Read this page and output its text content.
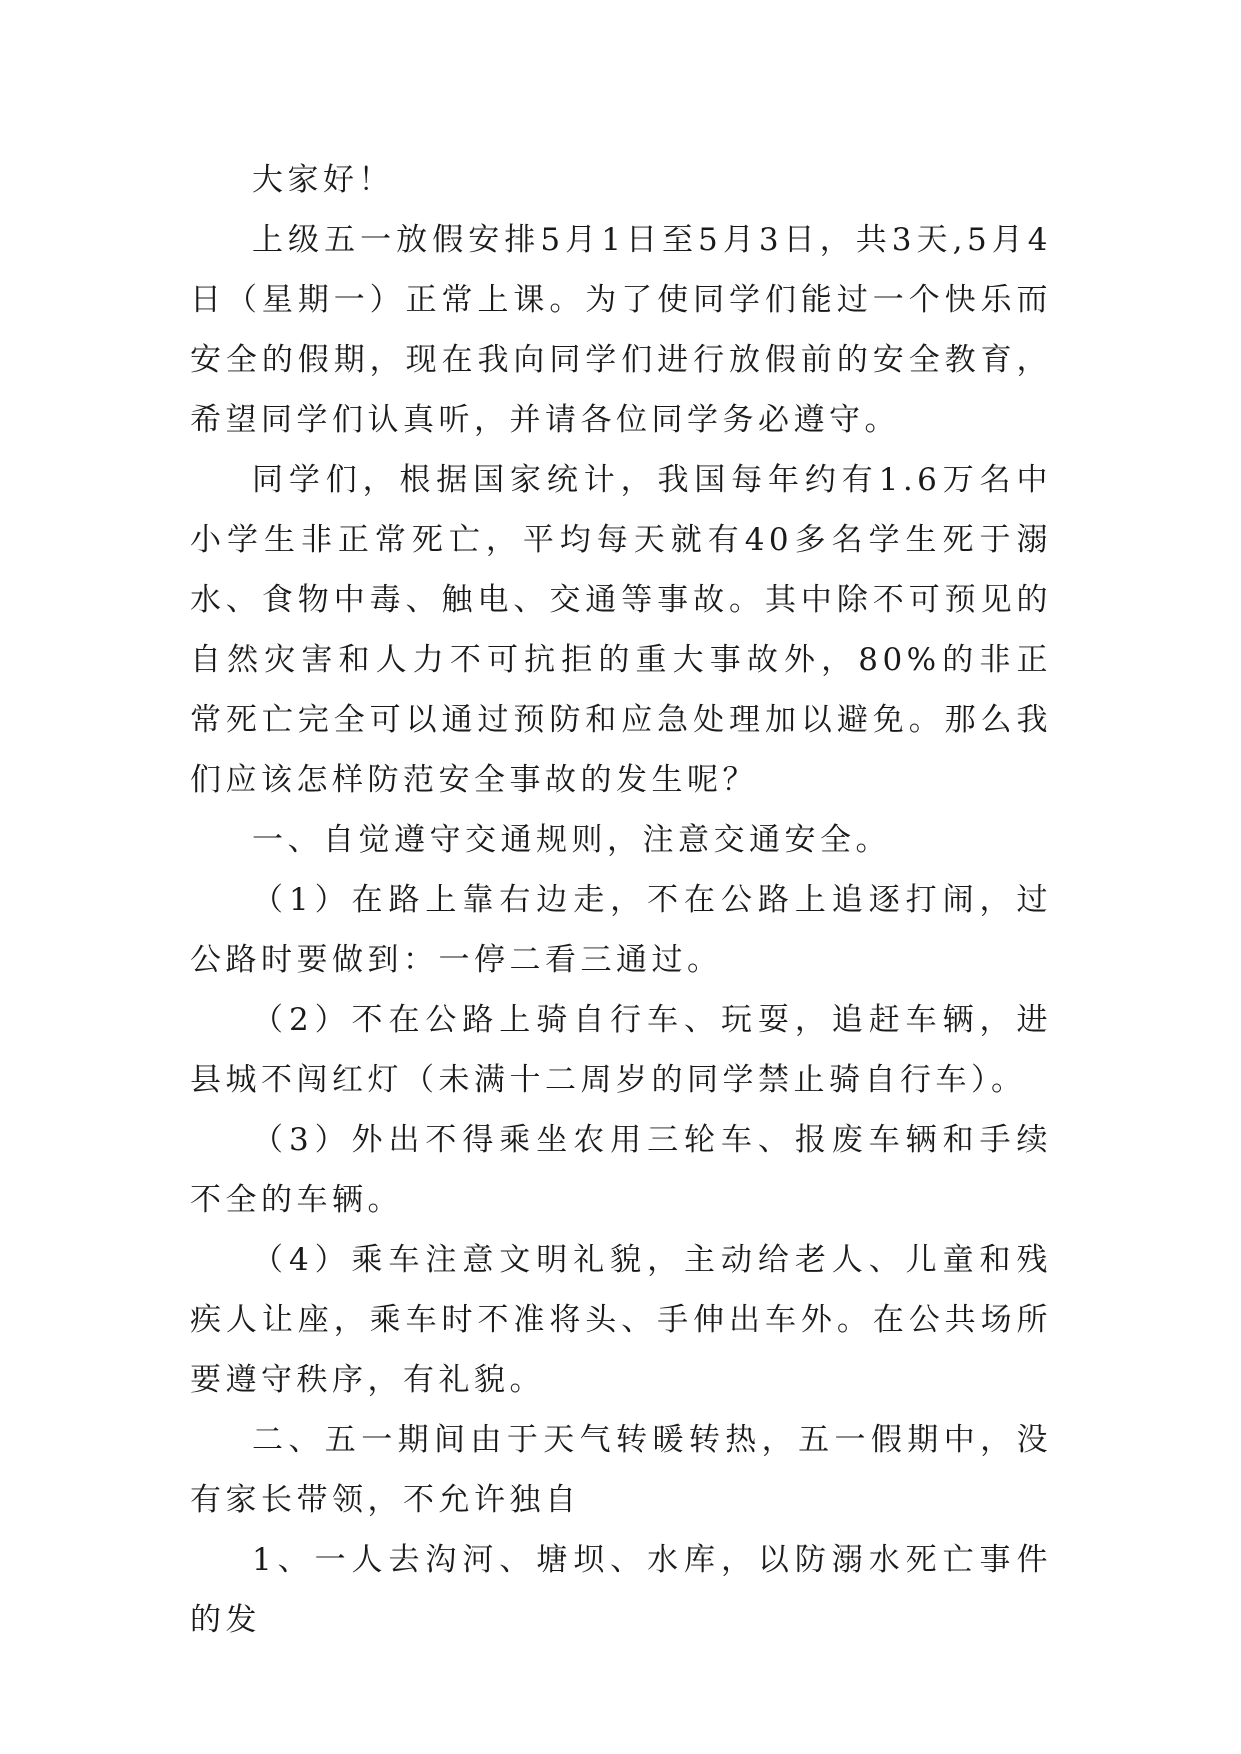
大家好！

上级五一放假安排5月1日至5月3日，共3天,5月4日（星期一）正常上课。为了使同学们能过一个快乐而安全的假期，现在我向同学们进行放假前的安全教育，希望同学们认真听，并请各位同学务必遵守。

同学们，根据国家统计，我国每年约有1.6万名中小学生非正常死亡，平均每天就有40多名学生死于溺水、食物中毒、触电、交通等事故。其中除不可预见的自然灾害和人力不可抗拒的重大事故外，80%的非正常死亡完全可以通过预防和应急处理加以避免。那么我们应该怎样防范安全事故的发生呢？

一、自觉遵守交通规则，注意交通安全。

（1）在路上靠右边走，不在公路上追逐打闹，过公路时要做到：一停二看三通过。

（2）不在公路上骑自行车、玩耍，追赶车辆，进县城不闯红灯（未满十二周岁的同学禁止骑自行车）。

（3）外出不得乘坐农用三轮车、报废车辆和手续不全的车辆。

（4）乘车注意文明礼貌，主动给老人、儿童和残疾人让座，乘车时不准将头、手伸出车外。在公共场所要遵守秩序，有礼貌。

二、五一期间由于天气转暖转热，五一假期中，没有家长带领，不允许独自

1、一人去沟河、塘坝、水库，以防溺水死亡事件的发
